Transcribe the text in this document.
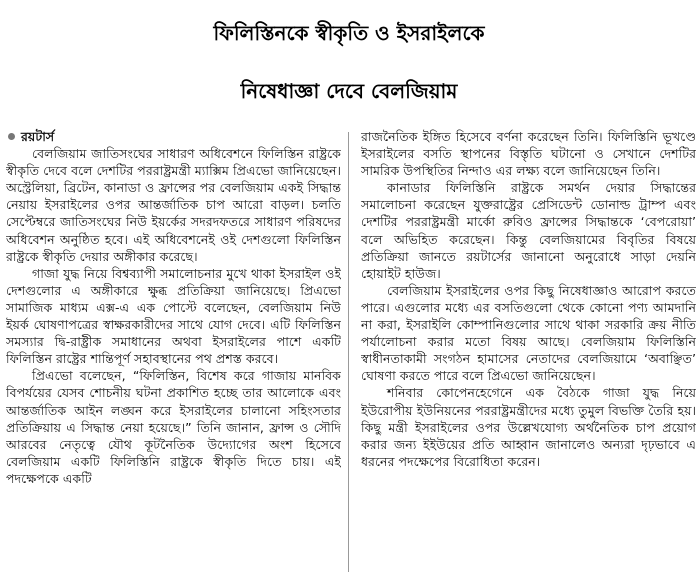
ফিলিস্তিনকে স্বীকৃতি ও ইসরাইলকে
নিষেধাজ্ঞা দেবে বেলজিয়াম
রয়টার্স

বেলজিয়াম জাতিসংঘের সাধারণ অধিবেশনে ফিলিস্তিন রাষ্ট্রকে স্বীকৃতি দেবে বলে দেশটির পররাষ্ট্রমন্ত্রী ম্যাক্সিম প্রিএভো জানিয়েছেন। অস্ট্রেলিয়া, ব্রিটেন, কানাডা ও ফ্রান্সের পর বেলজিয়াম একই সিদ্ধান্ত নেয়ায় ইসরাইলের ওপর আন্তর্জাতিক চাপ আরো বাড়ল। চলতি সেপ্টেম্বরে জাতিসংঘের নিউ ইয়র্কের সদরদফতরে সাধারণ পরিষদের অধিবেশন অনুষ্ঠিত হবে। এই অধিবেশনেই ওই দেশগুলো ফিলিস্তিন রাষ্ট্রকে স্বীকৃতি দেয়ার অঙ্গীকার করেছে।

গাজা যুদ্ধ নিয়ে বিশ্বব্যাপী সমালোচনার মুখে থাকা ইসরাইল ওই দেশগুলোর এ অঙ্গীকারে ক্ষুব্ধ প্রতিক্রিয়া জানিয়েছে। প্রিএভো সামাজিক মাধ্যম এক্স-এ এক পোস্টে বলেছেন, বেলজিয়াম নিউ ইয়র্ক ঘোষণাপত্রের স্বাক্ষরকারীদের সাথে যোগ দেবে। এটি ফিলিস্তিন সমস্যার দ্বি-রাষ্ট্রীক সমাধানের অথবা ইসরাইলের পাশে একটি ফিলিস্তিন রাষ্ট্রের শান্তিপূর্ণ সহাবস্থানের পথ প্রশস্ত করবে।

প্রিএভো বলেছেন, “ফিলিস্তিন, বিশেষ করে গাজায় মানবিক বিপর্যয়ের যেসব শোচনীয় ঘটনা প্রকাশিত হচ্ছে তার আলোকে এবং আন্তর্জাতিক আইন লঙ্ঘন করে ইসরাইলের চালানো সহিংসতার প্রতিক্রিয়ায় এ সিদ্ধান্ত নেয়া হয়েছে।” তিনি জানান, ফ্রান্স ও সৌদি আরবের নেতৃত্বে যৌথ কূটনৈতিক উদ্যোগের অংশ হিসেবে বেলজিয়াম একটি ফিলিস্তিনি রাষ্ট্রকে স্বীকৃতি দিতে চায়। এই পদক্ষেপকে একটি

রাজনৈতিক ইঙ্গিত হিসেবে বর্ণনা করেছেন তিনি। ফিলিস্তিনি ভূখণ্ডে ইসরাইলের বসতি স্থাপনের বিস্তৃতি ঘটানো ও সেখানে দেশটির সামরিক উপস্থিতির নিন্দাও এর লক্ষ্য বলে জানিয়েছেন তিনি।

কানাডার ফিলিস্তিনি রাষ্ট্রকে সমর্থন দেয়ার সিদ্ধান্তের সমালোচনা করেছেন যুক্তরাষ্ট্রের প্রেসিডেন্ট ডোনাল্ড ট্রাম্প এবং দেশটির পররাষ্ট্রমন্ত্রী মার্কো রুবিও ফ্রান্সের সিদ্ধান্তকে ‘বেপরোয়া’ বলে অভিহিত করেছেন। কিন্তু বেলজিয়ামের বিবৃতির বিষয়ে প্রতিক্রিয়া জানতে রয়টার্সের জানানো অনুরোধে সাড়া দেয়নি হোয়াইট হাউজ।

বেলজিয়াম ইসরাইলের ওপর কিছু নিষেধাজ্ঞাও আরোপ করতে পারে। এগুলোর মধ্যে এর বসতিগুলো থেকে কোনো পণ্য আমদানি না করা, ইসরাইলি কোম্পানিগুলোর সাথে থাকা সরকারি ক্রয় নীতি পর্যালোচনা করার মতো বিষয় আছে। বেলজিয়াম ফিলিস্তিনি স্বাধীনতাকামী সংগঠন হামাসের নেতাদের বেলজিয়ামে ‘অবাঞ্ছিত’ ঘোষণা করতে পারে বলে প্রিএভো জানিয়েছেন।

শনিবার কোপেনহেগেনে এক বৈঠকে গাজা যুদ্ধ নিয়ে ইউরোপীয় ইউনিয়নের পররাষ্ট্রমন্ত্রীদের মধ্যে তুমুল বিভক্তি তৈরি হয়। কিছু মন্ত্রী ইসরাইলের ওপর উল্লেখযোগ্য অর্থনৈতিক চাপ প্রয়োগ করার জন্য ইইউয়ের প্রতি আহ্বান জানালেও অন্যরা দৃঢ়ভাবে এ ধরনের পদক্ষেপের বিরোধিতা করেন।
